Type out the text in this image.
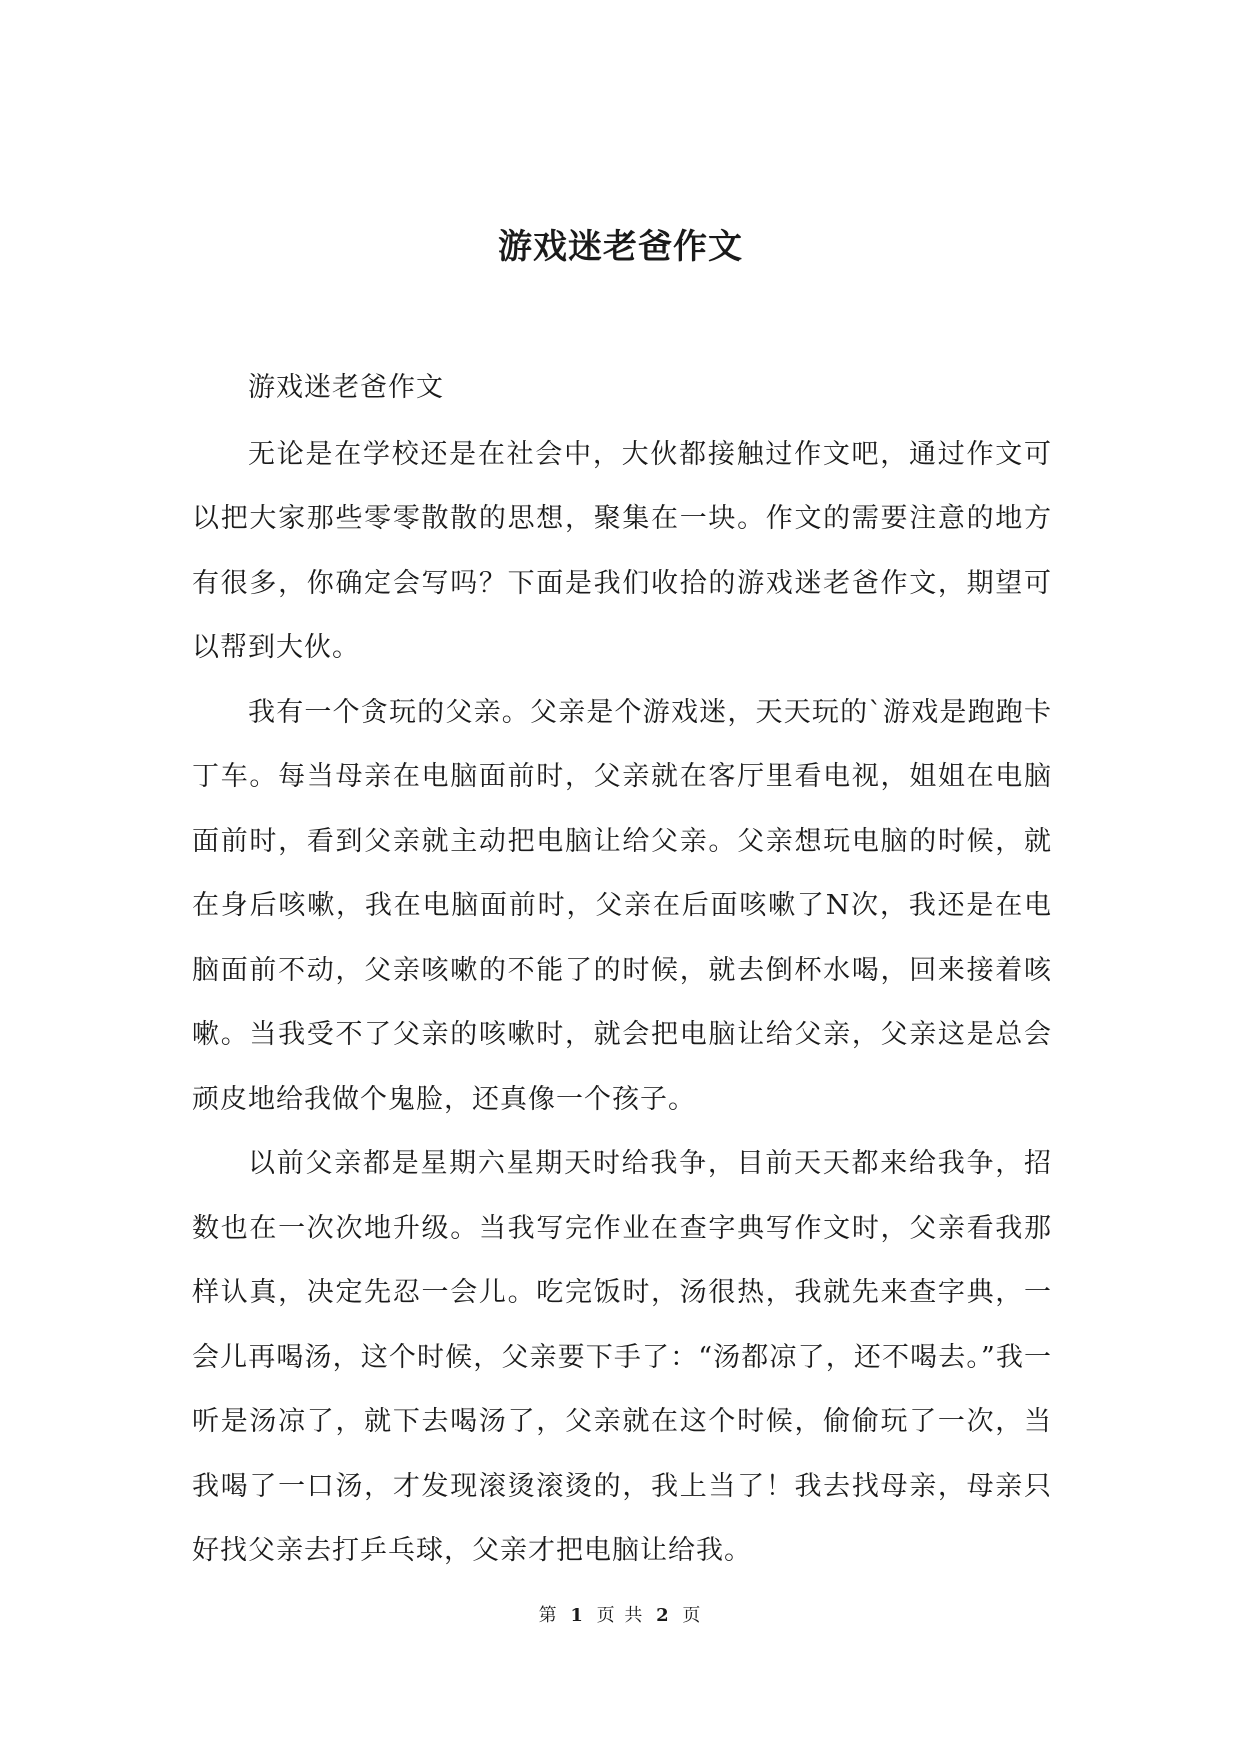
游戏迷老爸作文

游戏迷老爸作文

无论是在学校还是在社会中，大伙都接触过作文吧，通过作文可以把大家那些零零散散的思想，聚集在一块。作文的需要注意的地方有很多，你确定会写吗？下面是我们收拾的游戏迷老爸作文，期望可以帮到大伙。

我有一个贪玩的父亲。父亲是个游戏迷，天天玩的`游戏是跑跑卡丁车。每当母亲在电脑面前时，父亲就在客厅里看电视，姐姐在电脑面前时，看到父亲就主动把电脑让给父亲。父亲想玩电脑的时候，就在身后咳嗽，我在电脑面前时，父亲在后面咳嗽了N次，我还是在电脑面前不动，父亲咳嗽的不能了的时候，就去倒杯水喝，回来接着咳嗽。当我受不了父亲的咳嗽时，就会把电脑让给父亲，父亲这是总会顽皮地给我做个鬼脸，还真像一个孩子。

以前父亲都是星期六星期天时给我争，目前天天都来给我争，招数也在一次次地升级。当我写完作业在查字典写作文时，父亲看我那样认真，决定先忍一会儿。吃完饭时，汤很热，我就先来查字典，一会儿再喝汤，这个时候，父亲要下手了：“汤都凉了，还不喝去。”我一听是汤凉了，就下去喝汤了，父亲就在这个时候，偷偷玩了一次，当我喝了一口汤，才发现滚烫滚烫的，我上当了！我去找母亲，母亲只好找父亲去打乒乓球，父亲才把电脑让给我。

第 1 页 共 2 页
